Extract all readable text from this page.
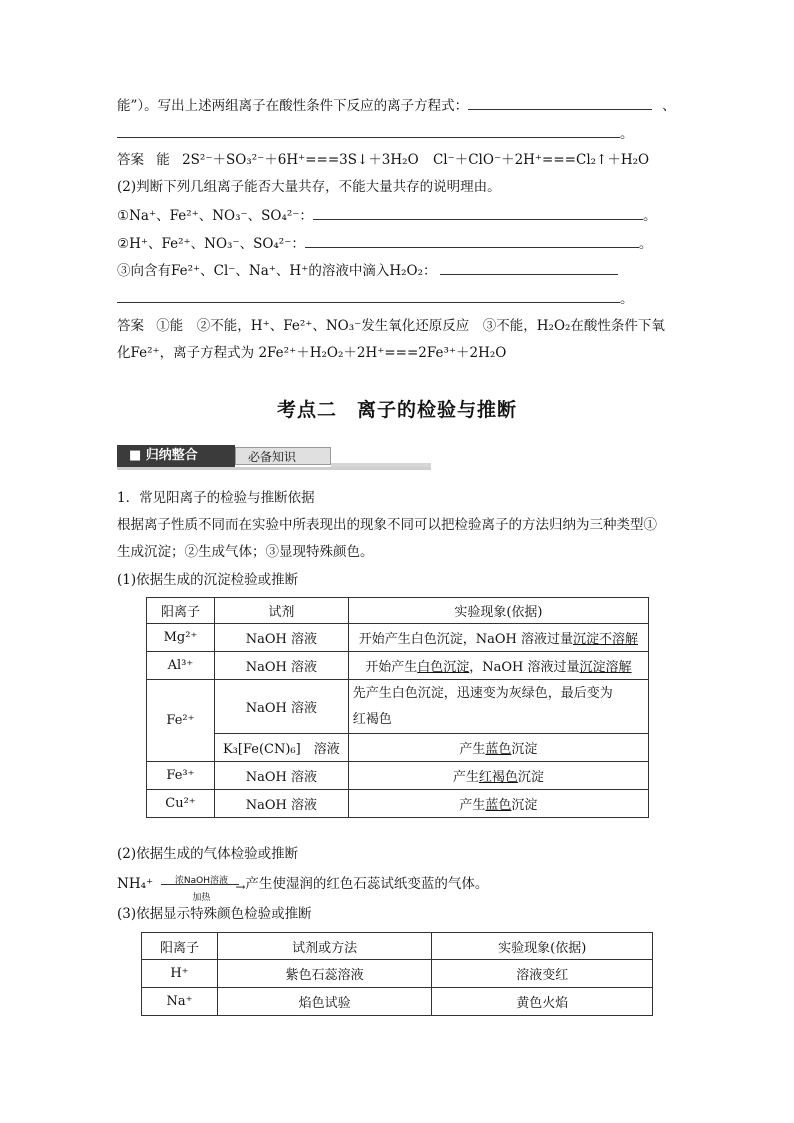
能”）。写出上述两组离子在酸性条件下反应的离子方程式：	、
。
答案 能 2S²⁻＋SO₃²⁻＋6H⁺===3S↓＋3H₂O Cl⁻＋ClO⁻＋2H⁺===Cl₂↑＋H₂O
(2)判断下列几组离子能否大量共存，不能大量共存的说明理由。
①Na⁺、Fe²⁺、NO₃⁻、SO₄²⁻：	。
②H⁺、Fe²⁺、NO₃⁻、SO₄²⁻：	。
③向含有Fe²⁺、Cl⁻、Na⁺、H⁺的溶液中滴入H₂O₂：
。
答案 ①能　②不能，H⁺、Fe²⁺、NO₃⁻发生氧化还原反应　③不能，H₂O₂在酸性条件下氧
化Fe²⁺，离子方程式为 2Fe²⁺＋H₂O₂＋2H⁺===2Fe³⁺＋2H₂O
考点二　离子的检验与推断
■ 归纳整合	必备知识
1．常见阳离子的检验与推断依据
根据离子性质不同而在实验中所表现出的现象不同可以把检验离子的方法归纳为三种类型①
生成沉淀；②生成气体；③显现特殊颜色。
(1)依据生成的沉淀检验或推断
阳离子	试剂	实验现象(依据)
Mg²⁺	NaOH 溶液	开始产生白色沉淀，NaOH 溶液过量沉淀不溶解
Al³⁺	NaOH 溶液	开始产生白色沉淀，NaOH 溶液过量沉淀溶解
Fe²⁺	NaOH 溶液	先产生白色沉淀，迅速变为灰绿色，最后变为
红褐色
	K₃[Fe(CN)₆]　溶液	产生蓝色沉淀
Fe³⁺	NaOH 溶液	产生红褐色沉淀
Cu²⁺	NaOH 溶液	产生蓝色沉淀
(2)依据生成的气体检验或推断
NH₄⁺	浓NaOH溶液 →
加热
产生使湿润的红色石蕊试纸变蓝的气体。
(3)依据显示特殊颜色检验或推断
阳离子	试剂或方法	实验现象(依据)
H⁺	紫色石蕊溶液	溶液变红
Na⁺	焰色试验	黄色火焰
